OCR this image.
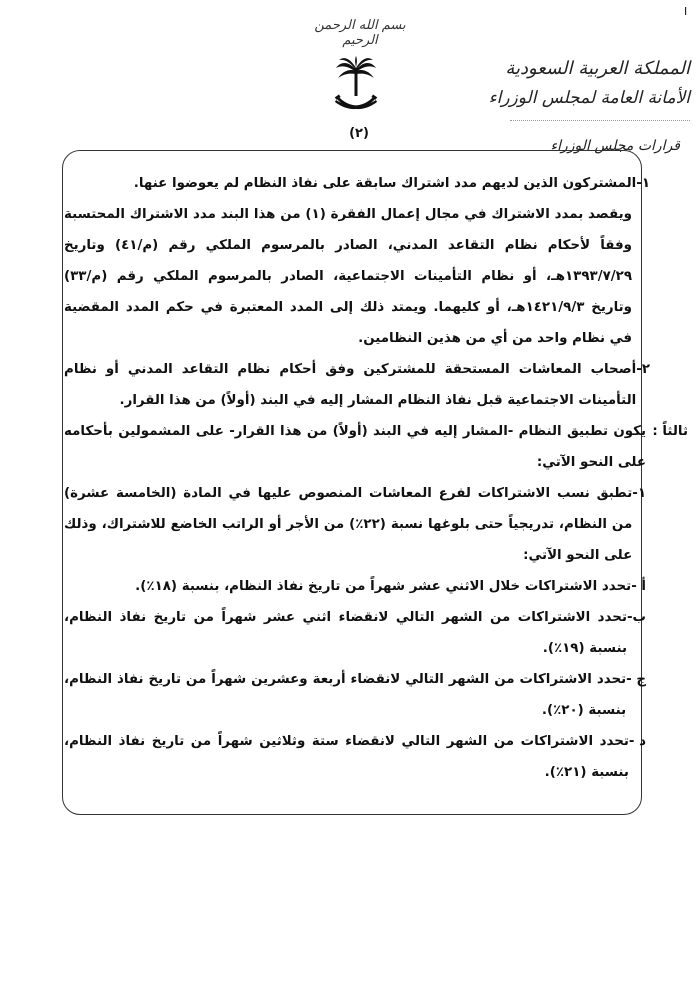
I
بسم الله الرحمن الرحيم
(٢)
المملكة العربية السعودية
الأمانة العامة لمجلس الوزراء
قرارات مجلس الوزراء
١-
المشتركون الذين لديهم مدد اشتراك سابقة على نفاذ النظام لم يعوضوا عنها.
ويقصد بمدد الاشتراك في مجال إعمال الفقرة (١) من هذا البند مدد الاشتراك المحتسبة وفقاً لأحكام نظام التقاعد المدني، الصادر بالمرسوم الملكي رقم (م/٤١) وتاريخ ١٣٩٣/٧/٢٩هـ، أو نظام التأمينات الاجتماعية، الصادر بالمرسوم الملكي رقم (م/٣٣) وتاريخ ١٤٢١/٩/٣هـ، أو كليهما. ويمتد ذلك إلى المدد المعتبرة في حكم المدد المقضية في نظام واحد من أي من هذين النظامين.
٢-
أصحاب المعاشات المستحقة للمشتركين وفق أحكام نظام التقاعد المدني أو نظام التأمينات الاجتماعية قبل نفاذ النظام المشار إليه في البند (أولاً) من هذا القرار.
ثالثاً :
يكون تطبيق النظام -المشار إليه في البند (أولاً) من هذا القرار- على المشمولين بأحكامه على النحو الآتي:
١-
تطبق نسب الاشتراكات لفرع المعاشات المنصوص عليها في المادة (الخامسة عشرة) من النظام، تدريجياً حتى بلوغها نسبة (٢٢٪) من الأجر أو الراتب الخاضع للاشتراك، وذلك على النحو الآتي:
أ -
تحدد الاشتراكات خلال الاثني عشر شهراً من تاريخ نفاذ النظام، بنسبة (١٨٪).
ب-
تحدد الاشتراكات من الشهر التالي لانقضاء اثني عشر شهراً من تاريخ نفاذ النظام، بنسبة (١٩٪).
ج -
تحدد الاشتراكات من الشهر التالي لانقضاء أربعة وعشرين شهراً من تاريخ نفاذ النظام، بنسبة (٢٠٪).
د -
تحدد الاشتراكات من الشهر التالي لانقضاء ستة وثلاثين شهراً من تاريخ نفاذ النظام، بنسبة (٢١٪).
